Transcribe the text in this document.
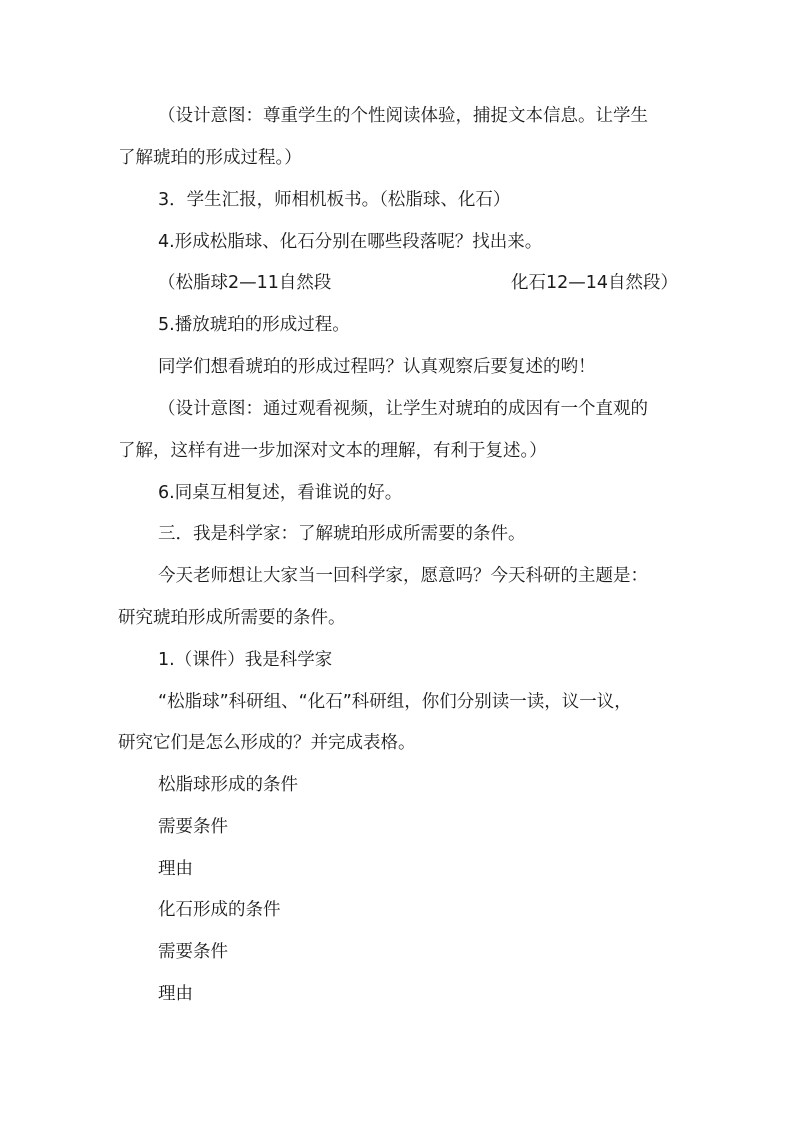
（设计意图：尊重学生的个性阅读体验，捕捉文本信息。让学生
了解琥珀的形成过程。）
3．学生汇报，师相机板书。（松脂球、化石）
4.形成松脂球、化石分别在哪些段落呢？找出来。
（松脂球2—11自然段	化石12—14自然段）
5.播放琥珀的形成过程。
同学们想看琥珀的形成过程吗？认真观察后要复述的哟！
（设计意图：通过观看视频，让学生对琥珀的成因有一个直观的
了解，这样有进一步加深对文本的理解，有利于复述。）
6.同桌互相复述，看谁说的好。
三．我是科学家：了解琥珀形成所需要的条件。
今天老师想让大家当一回科学家，愿意吗？今天科研的主题是：
研究琥珀形成所需要的条件。
1.（课件）我是科学家
“松脂球”科研组、“化石”科研组，你们分别读一读，议一议，
研究它们是怎么形成的？并完成表格。
松脂球形成的条件
需要条件
理由
化石形成的条件
需要条件
理由
